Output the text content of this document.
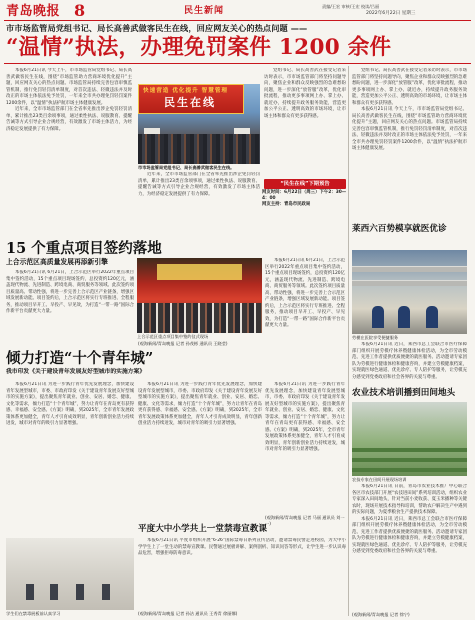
青岛晚报 8	民生新闻	责编/王宏 审核/王宏 校读/吕丽
2022年6月22日 星期三
市市场监管局党组书记、局长高善武做客民生在线，回应网友关心的热点问题 ——
“温情”执法，办理免罚案件 1200 余件

本报6月21日讯 今天上午，市市场监管局党组书记、局长高善武做客民生在线，围绕“市场监管助力营商环境优化提升”主题，回应网友关心的热点问题。市场监管局持续完善包容审慎监管机制，推行免罚轻罚清单制度，对首次违法、轻微违法并及时改正的市场主体依法免予处罚，一年来全市共办理免罚轻罚案件1200余件，以“温情”执法护航市场主体健康发展。

近年来，全市市场监管部门在全省率先推出涉企免罚轻罚清单，累计推出23类百余项事项，通过柔性执法、说服教育、提醒告诫等方式引导企业合规经营，有效激发了市场主体活力，为经济稳定发展提供了有力保障。

快速营造 优化提升 智慧管理
民生在线
市市场监管局党组书记、局长高善武做客民生在线。

党组书记、局长高善武在接受记者采访时表示，市市场监管部门将坚持问题导向，聚焦企业和群众反映强烈的急难愁盼问题，进一步深化“放管服”改革，优化审批流程，推动更多事项网上办、掌上办、就近办，持续提升政务服务效能，营造更加公平公正、透明高效的市场环境，让市场主体和群众有更多获得感。

近年来，全市市场监管部门在全省率先推出涉企免罚轻罚清单，累计推出23类百余项事项，通过柔性执法、说服教育、提醒告诫等方式引导企业合规经营，有效激发了市场主体活力，为经济稳定发展提供了有力保障。

“民生在线”下期预告
网友时间：6月22日（周三）下午2：30—4：00
网友主持：青岛市民政局

党组书记、局长高善武在接受记者采访时表示，市市场监管部门将坚持问题导向，聚焦企业和群众反映强烈的急难愁盼问题，进一步深化“放管服”改革，优化审批流程，推动更多事项网上办、掌上办、就近办，持续提升政务服务效能，营造更加公平公正、透明高效的市场环境，让市场主体和群众有更多获得感。

本报6月21日讯 今天上午，市市场监管局党组书记、局长高善武做客民生在线，围绕“市场监管助力营商环境优化提升”主题，回应网友关心的热点问题。市场监管局持续完善包容审慎监管机制，推行免罚轻罚清单制度，对首次违法、轻微违法并及时改正的市场主体依法免予处罚，一年来全市共办理免罚轻罚案件1200余件，以“温情”执法护航市场主体健康发展。

15 个重点项目签约落地
上合示范区高质量发展再添新引擎

本报6月21日讯 6月21日，上合示范区举行2022年重点项目集中签约活动，15个重点项目现场签约，总投资约120亿元，涵盖现代物流、先进制造、跨境电商、商贸服务等领域。此次签约项目质量高、带动性强，将进一步完善上合示范区产业链条，增强区域发展新动能。项目签约后，上合示范区将实行专班推进、全程服务，推动项目早开工、早投产、早见效，为打造“一带一路”国际合作新平台贡献更大力量。

上合示范区重点项目集中签约仪式现场

本报6月21日讯 6月21日，上合示范区举行2022年重点项目集中签约活动，15个重点项目现场签约，总投资约120亿元，涵盖现代物流、先进制造、跨境电商、商贸服务等领域。此次签约项目质量高、带动性强，将进一步完善上合示范区产业链条，增强区域发展新动能。项目签约后，上合示范区将实行专班推进、全程服务，推动项目早开工、早投产、早见效，为打造“一带一路”国际合作新平台贡献更大力量。

(观海新闻/青岛晚报 记者 孙茂彬 通讯员 王晓莹)
倾力打造“十个青年城”
我市印发《关于建设青年发展友好型城市的实施方案》

本报6月21日讯 为进一步践行青年优先发展理念，加快建设青年发展型城市，市委、市政府印发《关于建设青年发展友好型城市的实施方案》，提出聚焦青年就业、创业、安居、婚恋、健康、文化等需求，倾力打造“十个青年城”，努力让青年在青岛更有获得感、幸福感、安全感。《方案》明确，到2025年，全市青年发展政策体系更加健全，青年人才引育成效明显，青年创新创业活力持续迸发，城市对青年的吸引力显著增强。

本报6月21日讯 为进一步践行青年优先发展理念，加快建设青年发展型城市，市委、市政府印发《关于建设青年发展友好型城市的实施方案》，提出聚焦青年就业、创业、安居、婚恋、健康、文化等需求，倾力打造“十个青年城”，努力让青年在青岛更有获得感、幸福感、安全感。《方案》明确，到2025年，全市青年发展政策体系更加健全，青年人才引育成效明显，青年创新创业活力持续迸发，城市对青年的吸引力显著增强。

本报6月21日讯 为进一步践行青年优先发展理念，加快建设青年发展型城市，市委、市政府印发《关于建设青年发展友好型城市的实施方案》，提出聚焦青年就业、创业、安居、婚恋、健康、文化等需求，倾力打造“十个青年城”，努力让青年在青岛更有获得感、幸福感、安全感。《方案》明确，到2025年，全市青年发展政策体系更加健全，青年人才引育成效明显，青年创新创业活力持续迸发，城市对青年的吸引力显著增强。

(观海新闻/青岛晚报 记者 马丽 通讯员 刘一一)
平度大中小学共上一堂禁毒宣教课
学生们在禁毒展板前认真学习

本报6月21日讯 平度市组织开展“6·26”国际禁毒日系列宣传活动，邀请禁毒民警走进校园，为大中小学学生上了一堂生动的禁毒宣教课。民警通过展板讲解、案例剖析、知识问答等形式，让学生进一步认识毒品危害，增强拒毒防毒意识。

(观海新闻/青岛晚报 记者 孙洁 通讯员 王秀青 徐丽娜)
莱西六百势模享就医优诊
劳模在医院享受便捷服务

本报6月21日讯 近日，莱西市总工会联合市医疗保障部门组织开展劳模疗休养暨健康体检活动，为全市劳动模范、先进工作者提供优质便捷的就医服务。活动邀请专家团队为劳模进行健康体检和健康咨询，并建立劳模健康档案，实现就医绿色通道、优先诊疗、专人陪护等服务，让劳模充分感受到党委政府和社会各界的关爱与尊重。

农业技术培训播到田间地头
农技专家在田间开展现场培训

本报6月21日讯 日前，青岛市农业技术推广中心联合各区市农技部门开展“农技进田间”系列培训活动，组织农业专家深入田间地头，针对当前小麦收获、夏玉米播种等关键农时，现场开展技术指导和培训，帮助农户解决生产中遇到的实际问题，为夏季粮食生产提供技术保障。

本报6月21日讯 近日，莱西市总工会联合市医疗保障部门组织开展劳模疗休养暨健康体检活动，为全市劳动模范、先进工作者提供优质便捷的就医服务。活动邀请专家团队为劳模进行健康体检和健康咨询，并建立劳模健康档案，实现就医绿色通道、优先诊疗、专人陪护等服务，让劳模充分感受到党委政府和社会各界的关爱与尊重。

(观海新闻/青岛晚报 记者 徐宁)
